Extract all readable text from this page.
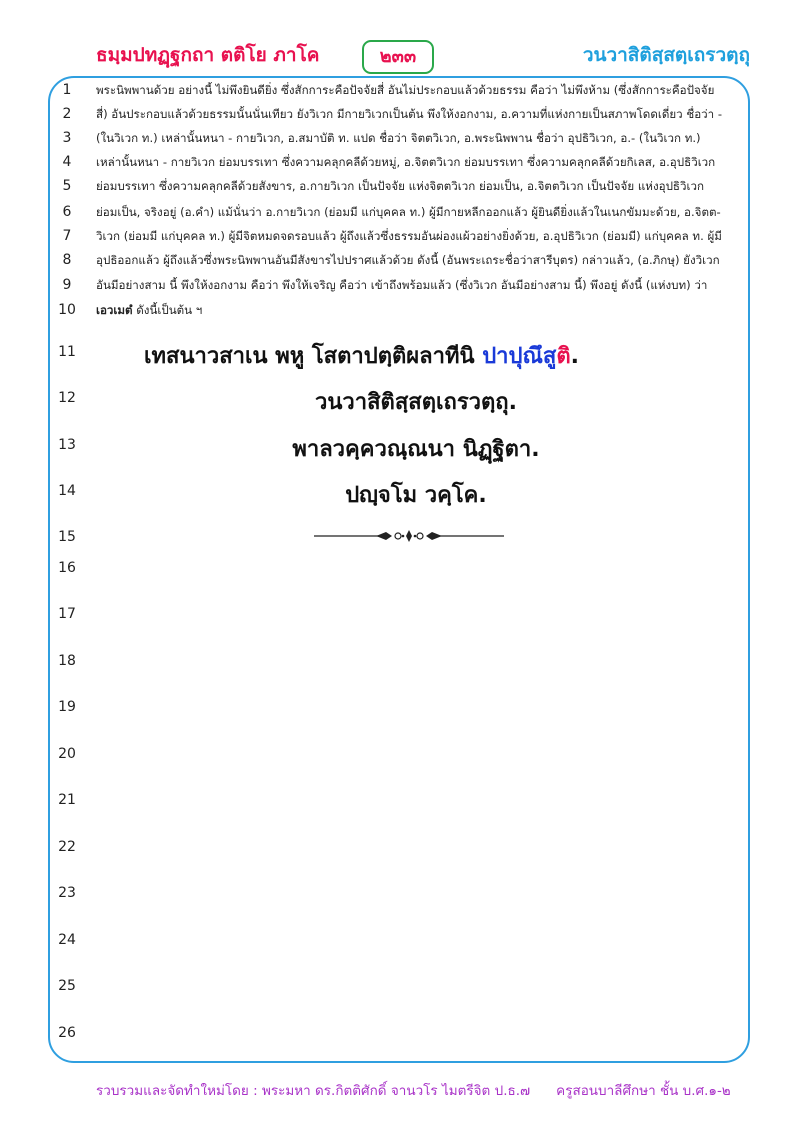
ธมฺมปทฏฺฐกถา ตติโย ภาโค	๒๓๓	วนวาสิติสฺสตฺเถรวตฺถุ
1
2
3
4
5
6
7
8
9
10
11
12
13
14
15
16
17
18
19
20
21
22
23
24
25
26
พระนิพพานด้วย อย่างนี้ ไม่พึงยินดียิ่ง ซึ่งสักการะคือปัจจัยสี่ อันไม่ประกอบแล้วด้วยธรรม คือว่า ไม่พึงห้าม (ซึ่งสักการะคือปัจจัย
สี่) อันประกอบแล้วด้วยธรรมนั้นนั่นเทียว ยังวิเวก มีกายวิเวกเป็นต้น พึงให้งอกงาม, อ.ความที่แห่งกายเป็นสภาพโดดเดี่ยว ชื่อว่า -
(ในวิเวก ท.) เหล่านั้นหนา - กายวิเวก, อ.สมาบัติ ท. แปด ชื่อว่า จิตตวิเวก, อ.พระนิพพาน ชื่อว่า อุปธิวิเวก, อ.- (ในวิเวก ท.)
เหล่านั้นหนา - กายวิเวก ย่อมบรรเทา ซึ่งความคลุกคลีด้วยหมู่, อ.จิตตวิเวก ย่อมบรรเทา ซึ่งความคลุกคลีด้วยกิเลส, อ.อุปธิวิเวก
ย่อมบรรเทา ซึ่งความคลุกคลีด้วยสังขาร, อ.กายวิเวก เป็นปัจจัย แห่งจิตตวิเวก ย่อมเป็น, อ.จิตตวิเวก เป็นปัจจัย แห่งอุปธิวิเวก
ย่อมเป็น, จริงอยู่ (อ.คำ) แม้นั่นว่า อ.กายวิเวก (ย่อมมี แก่บุคคล ท.) ผู้มีกายหลีกออกแล้ว ผู้ยินดียิ่งแล้วในเนกขัมมะด้วย, อ.จิตต-
วิเวก (ย่อมมี แก่บุคคล ท.) ผู้มีจิตหมดจดรอบแล้ว ผู้ถึงแล้วซึ่งธรรมอันผ่องแผ้วอย่างยิ่งด้วย, อ.อุปธิวิเวก (ย่อมมี) แก่บุคคล ท. ผู้มี
อุปธิออกแล้ว ผู้ถึงแล้วซึ่งพระนิพพานอันมีสังขารไปปราศแล้วด้วย ดังนี้ (อันพระเถระชื่อว่าสารีบุตร) กล่าวแล้ว, (อ.ภิกษุ) ยังวิเวก
อันมีอย่างสาม นี้ พึงให้งอกงาม คือว่า พึงให้เจริญ คือว่า เข้าถึงพร้อมแล้ว (ซึ่งวิเวก อันมีอย่างสาม นี้) พึงอยู่ ดังนี้ (แห่งบท) ว่า
เอวเมตํ ดังนี้เป็นต้น ฯ
เทสนาวสาเน พหู โสตาปตฺติผลาทีนิ ปาปุณึสูติ.
วนวาสิติสฺสตฺเถรวตฺถุ.
พาลวคฺควณฺณนา นิฏฺฐิตา.
ปญฺจโม วคฺโค.
รวบรวมและจัดทำใหม่โดย : พระมหา ดร.กิตติศักดิ์ จานวโร ไมตรีจิต ป.ธ.๗ ครูสอนบาลีศึกษา ชั้น บ.ศ.๑-๒
